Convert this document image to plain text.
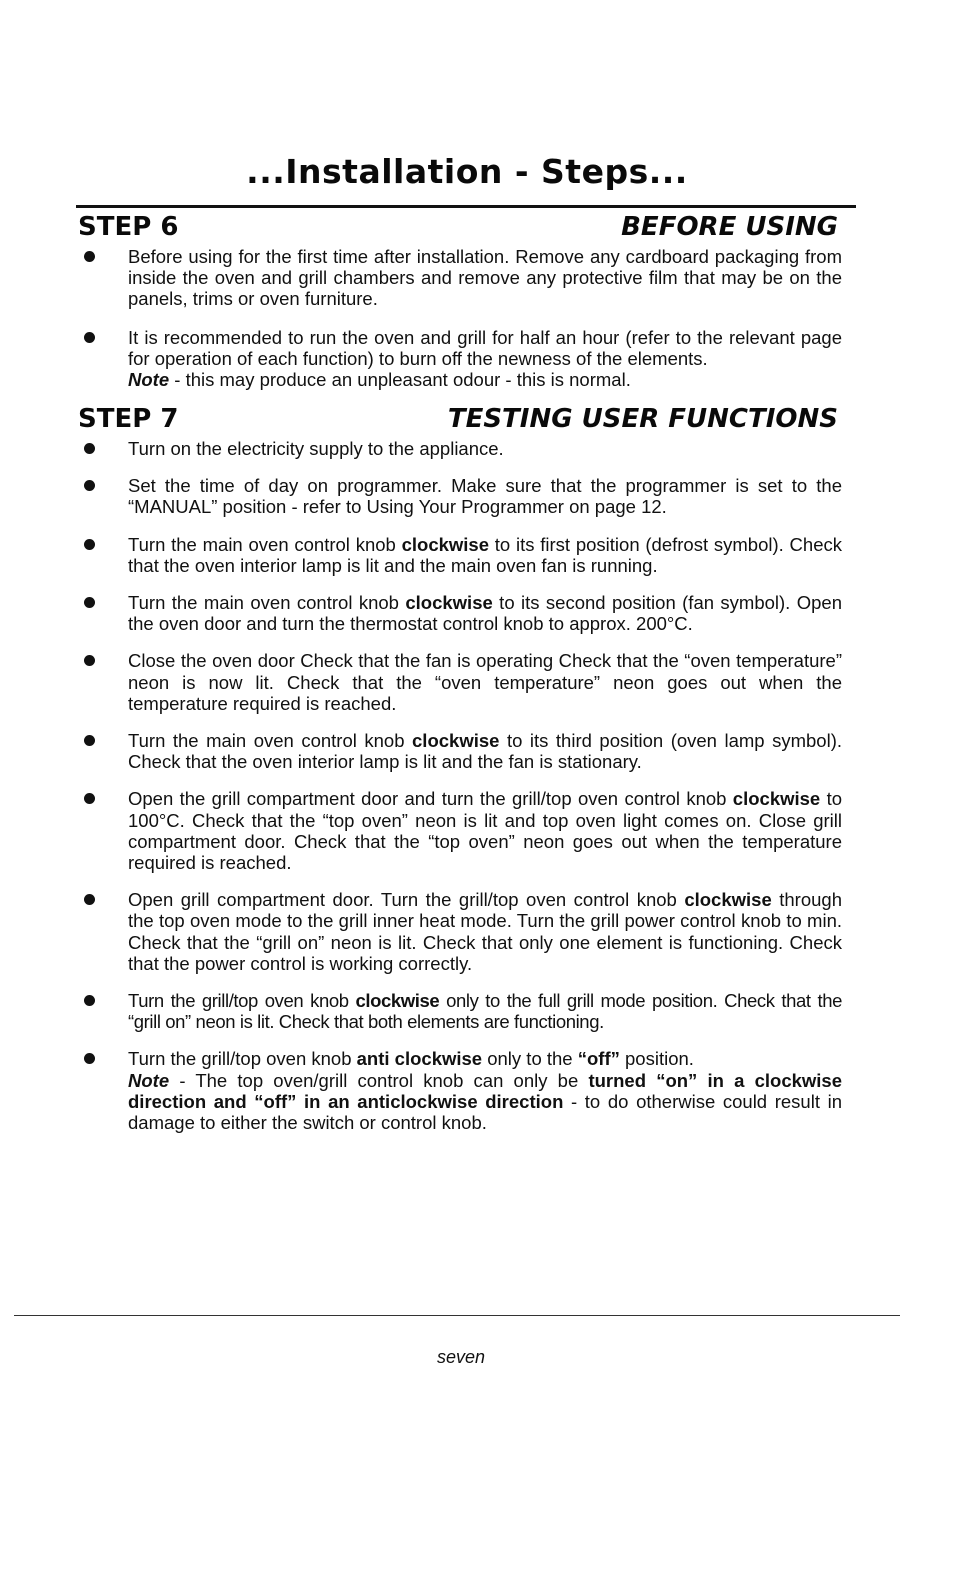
...Installation - Steps...
STEP 6	BEFORE USING
Before using for the first time after installation. Remove any cardboard packaging from inside the oven and grill chambers and remove any protective film that may be on the panels, trims or oven furniture.
It is recommended to run the oven and grill for half an hour (refer to the relevant page for operation of each function) to burn off the newness of the elements.
Note - this may produce an unpleasant odour - this is normal.
STEP 7	TESTING USER FUNCTIONS
Turn on the electricity supply to the appliance.
Set the time of day on programmer. Make sure that the programmer is set to the “MANUAL” position - refer to Using Your Programmer on page 12.
Turn the main oven control knob clockwise to its first position (defrost symbol). Check that the oven interior lamp is lit and the main oven fan is running.
Turn the main oven control knob clockwise to its second position (fan symbol). Open the oven door and turn the thermostat control knob to approx. 200°C.
Close the oven door Check that the fan is operating Check that the “oven temperature” neon is now lit. Check that the “oven temperature” neon goes out when the temperature required is reached.
Turn the main oven control knob clockwise to its third position (oven lamp symbol). Check that the oven interior lamp is lit and the fan is stationary.
Open the grill compartment door and turn the grill/top oven control knob clockwise to 100°C. Check that the “top oven” neon is lit and top oven light comes on. Close grill compartment door. Check that the “top oven” neon goes out when the temperature required is reached.
Open grill compartment door. Turn the grill/top oven control knob clockwise through the top oven mode to the grill inner heat mode. Turn the grill power control knob to min. Check that the “grill on” neon is lit. Check that only one element is functioning. Check that the power control is working correctly.
Turn the grill/top oven knob clockwise only to the full grill mode position. Check that the “grill on” neon is lit. Check that both elements are functioning.
Turn the grill/top oven knob anti clockwise only to the “off” position.
Note - The top oven/grill control knob can only be turned “on” in a clockwise direction and “off” in an anticlockwise direction - to do otherwise could result in damage to either the switch or control knob.
seven
